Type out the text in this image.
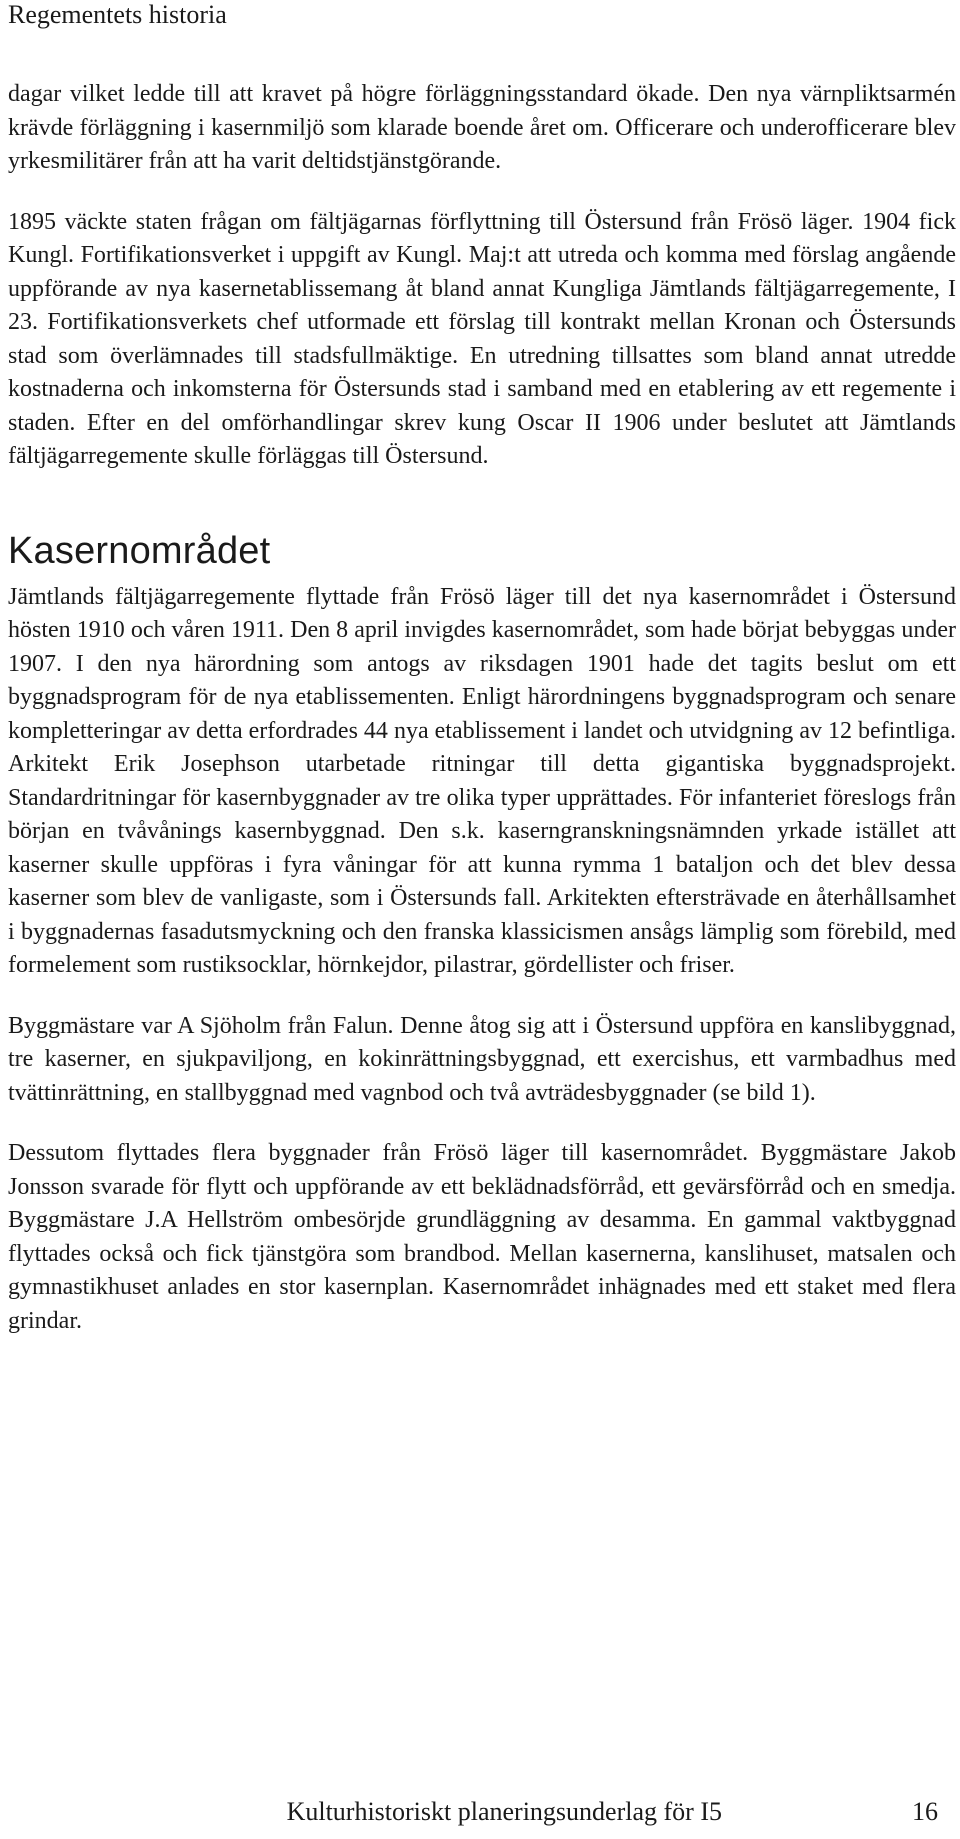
Regementets historia

dagar vilket ledde till att kravet på högre förläggningsstandard ökade. Den nya värnpliktsarmén krävde förläggning i kasernmiljö som klarade boende året om. Officerare och underofficerare blev yrkesmilitärer från att ha varit deltidstjänstgörande.

1895 väckte staten frågan om fältjägarnas förflyttning till Östersund från Frösö läger. 1904 fick Kungl. Fortifikationsverket i uppgift av Kungl. Maj:t att utreda och komma med förslag angående uppförande av nya kasernetablissemang åt bland annat Kungliga Jämtlands fältjägarregemente, I 23. Fortifikationsverkets chef utformade ett förslag till kontrakt mellan Kronan och Östersunds stad som överlämnades till stadsfullmäktige. En utredning tillsattes som bland annat utredde kostnaderna och inkomsterna för Östersunds stad i samband med en etablering av ett regemente i staden. Efter en del omförhandlingar skrev kung Oscar II 1906 under beslutet att Jämtlands fältjägarregemente skulle förläggas till Östersund.

Kasernområdet

Jämtlands fältjägarregemente flyttade från Frösö läger till det nya kasernområdet i Östersund hösten 1910 och våren 1911. Den 8 april invigdes kasernområdet, som hade börjat bebyggas under 1907. I den nya härordning som antogs av riksdagen 1901 hade det tagits beslut om ett byggnadsprogram för de nya etablissementen. Enligt härordningens byggnadsprogram och senare kompletteringar av detta erfordrades 44 nya etablissement i landet och utvidgning av 12 befintliga. Arkitekt Erik Josephson utarbetade ritningar till detta gigantiska byggnadsprojekt. Standardritningar för kasernbyggnader av tre olika typer upprättades. För infanteriet föreslogs från början en tvåvånings kasernbyggnad. Den s.k. kaserngranskningsnämnden yrkade istället att kaserner skulle uppföras i fyra våningar för att kunna rymma 1 bataljon och det blev dessa kaserner som blev de vanligaste, som i Östersunds fall. Arkitekten eftersträvade en återhållsamhet i byggnadernas fasadutsmyckning och den franska klassicismen ansågs lämplig som förebild, med formelement som rustiksocklar, hörnkejdor, pilastrar, gördellister och friser.

Byggmästare var A Sjöholm från Falun. Denne åtog sig att i Östersund uppföra en kanslibyggnad, tre kaserner, en sjukpaviljong, en kokinrättningsbyggnad, ett exercishus, ett varmbadhus med tvättinrättning, en stallbyggnad med vagnbod och två avträdesbyggnader (se bild 1).

Dessutom flyttades flera byggnader från Frösö läger till kasernområdet. Byggmästare Jakob Jonsson svarade för flytt och uppförande av ett beklädnadsförråd, ett gevärsförråd och en smedja. Byggmästare J.A Hellström ombesörjde grundläggning av desamma. En gammal vaktbyggnad flyttades också och fick tjänstgöra som brandbod. Mellan kasernerna, kanslihuset, matsalen och gymnastikhuset anlades en stor kasernplan. Kasernområdet inhägnades med ett staket med flera grindar.

Kulturhistoriskt planeringsunderlag för I5	16
